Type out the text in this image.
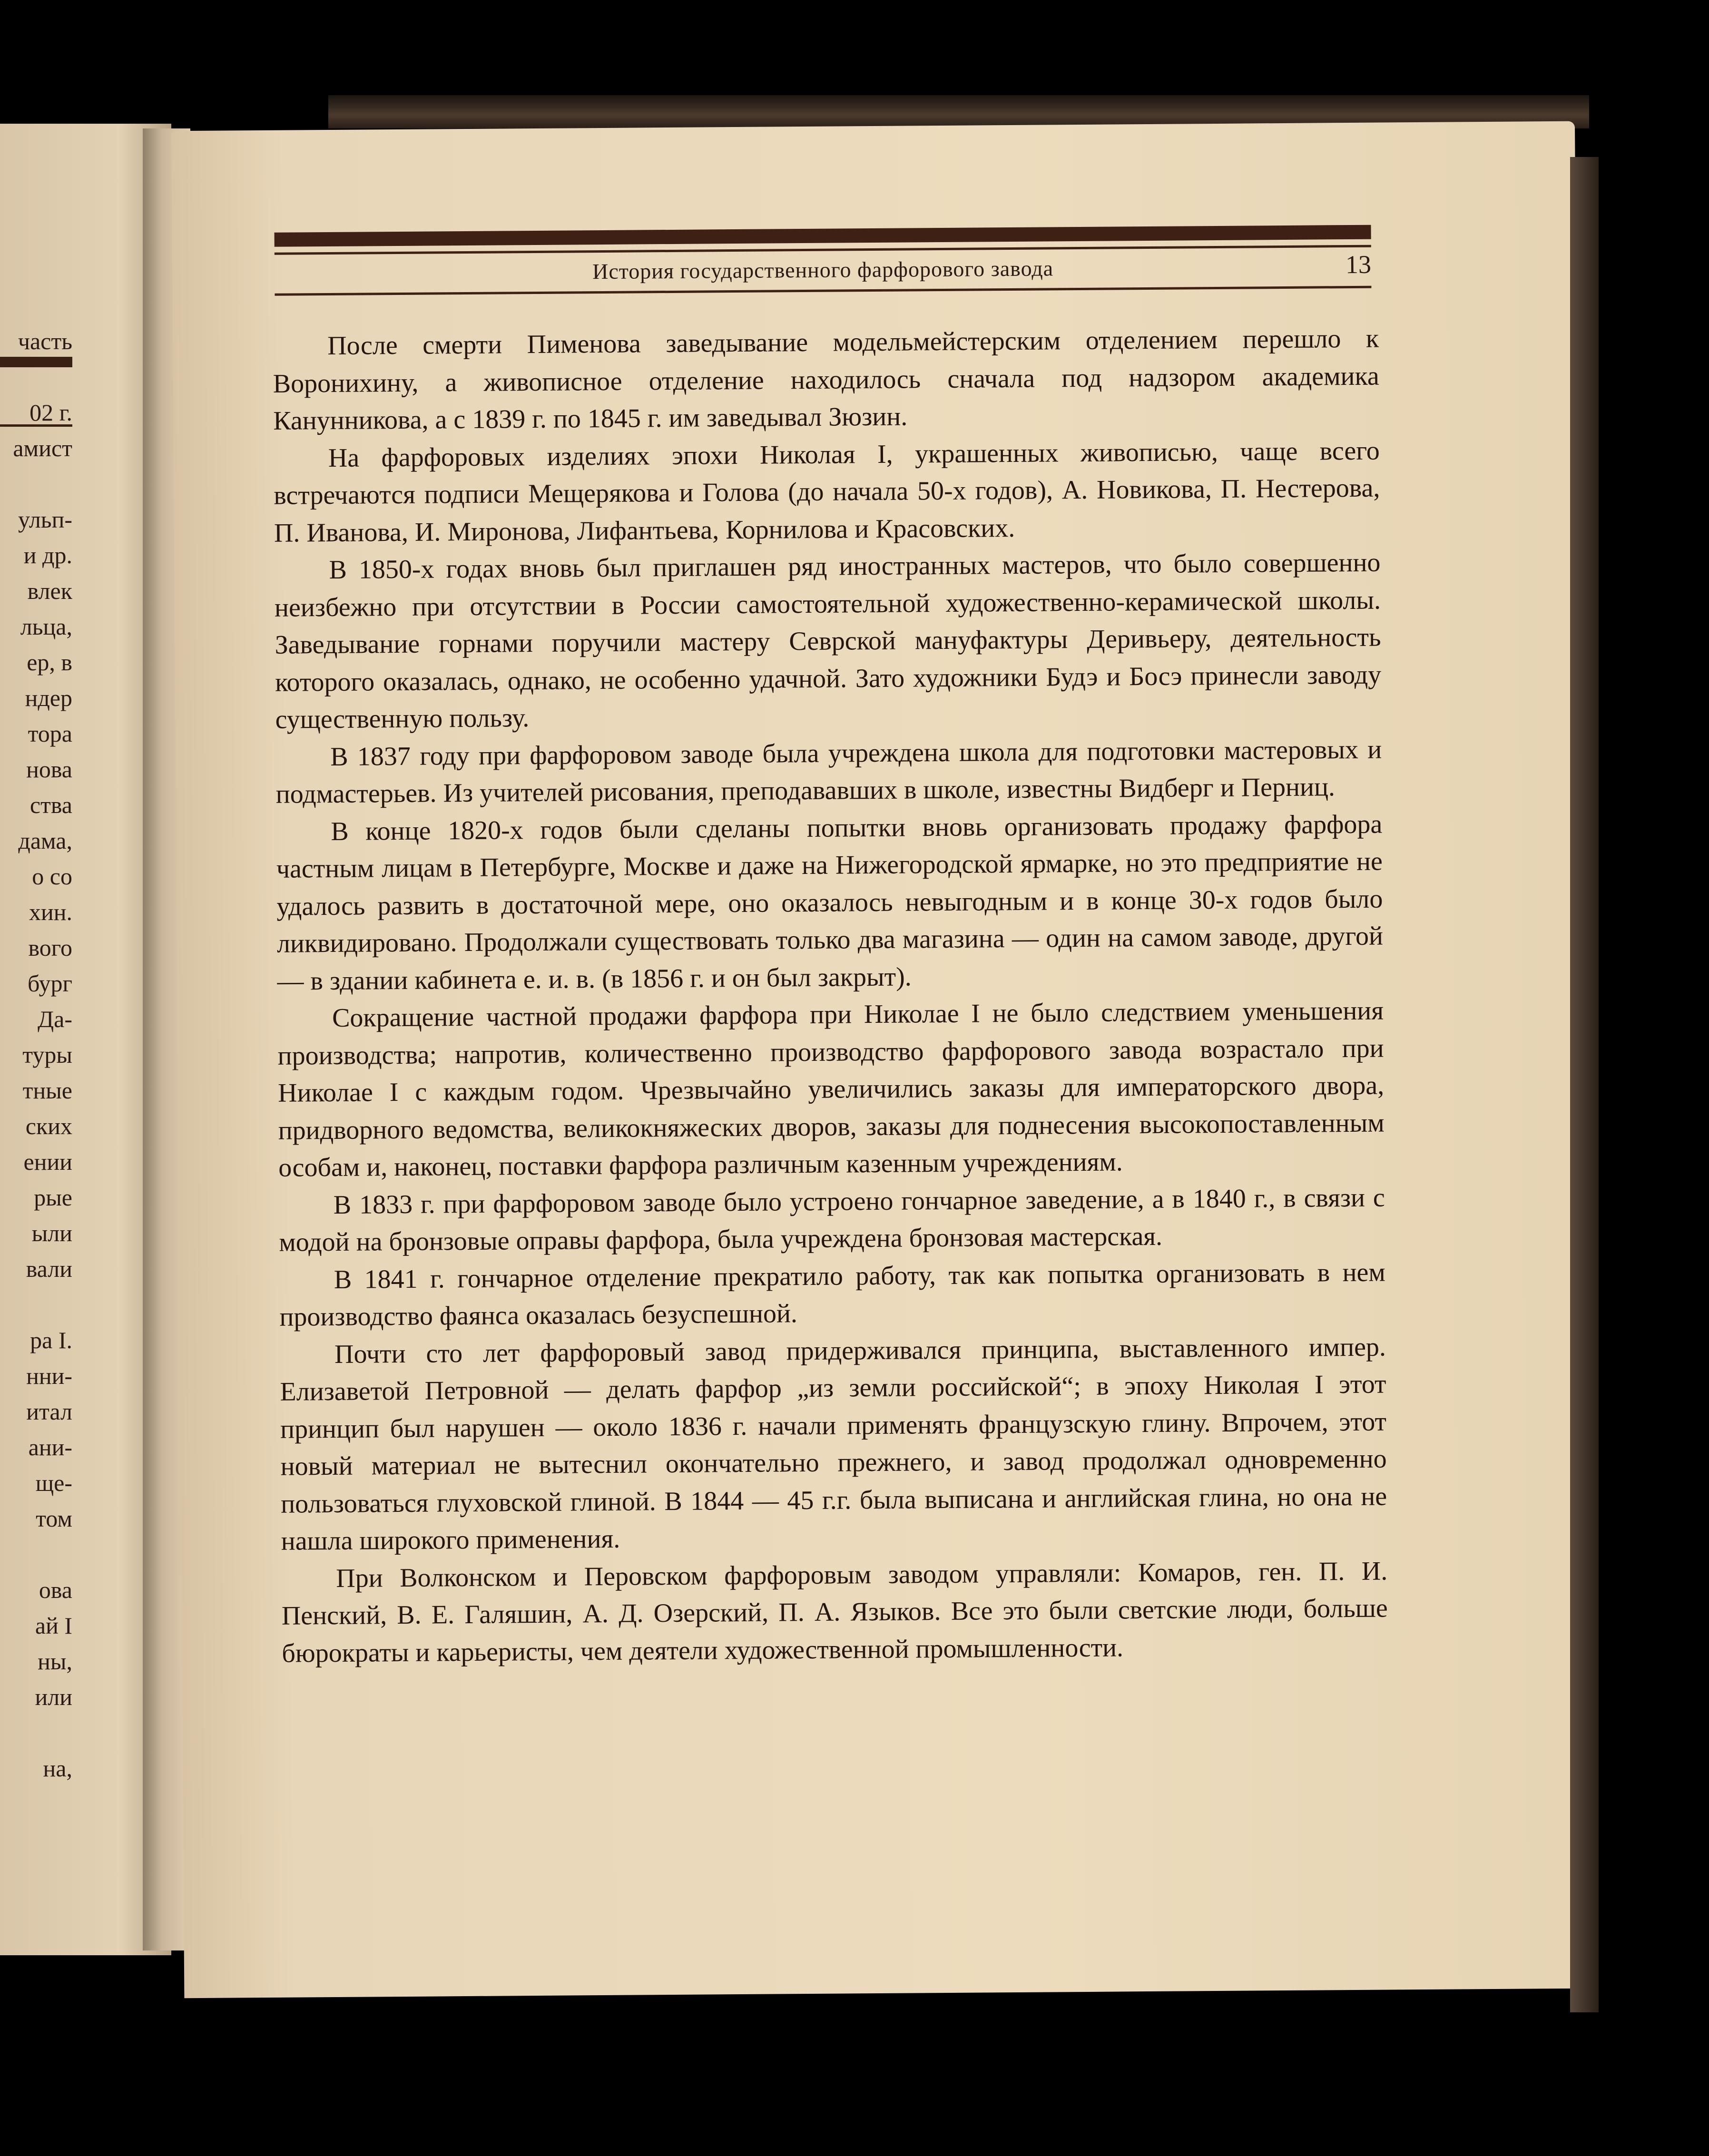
часть
02 г.
амист
ульп-
и др.
влек
льца,
ер, в
ндер
тора
нова
ства
дама,
о со
хин.
вого
бург
Да-
туры
тные
ских
ении
рые
ыли
вали
ра I.
нни-
итал
ани-
ще-
том
ова
ай I
ны,
или
на,
История государственного фарфорового завода	13

После смерти Пименова заведывание модельмейстерским отделением перешло к Воронихину, а живописное отделение находилось сначала под надзором академика Канунникова, а с 1839 г. по 1845 г. им заведывал Зюзин.

На фарфоровых изделиях эпохи Николая I, украшенных живописью, чаще всего встречаются подписи Мещерякова и Голова (до начала 50-х годов), А. Новикова, П. Нестерова, П. Иванова, И. Миронова, Лифантьева, Корнилова и Красовских.

В 1850-х годах вновь был приглашен ряд иностранных мастеров, что было совершенно неизбежно при отсутствии в России самостоятельной художественно-керамической школы. Заведывание горнами поручили мастеру Севрской мануфактуры Деривьеру, деятельность которого оказалась, однако, не особенно удачной. Зато художники Будэ и Босэ принесли заводу существенную пользу.

В 1837 году при фарфоровом заводе была учреждена школа для подготовки мастеровых и подмастерьев. Из учителей рисования, преподававших в школе, известны Видберг и Перниц.

В конце 1820-х годов были сделаны попытки вновь организовать продажу фарфора частным лицам в Петербурге, Москве и даже на Нижегородской ярмарке, но это предприятие не удалось развить в достаточной мере, оно оказалось невыгодным и в конце 30-х годов было ликвидировано. Продолжали существовать только два магазина — один на самом заводе, другой — в здании кабинета е. и. в. (в 1856 г. и он был закрыт).

Сокращение частной продажи фарфора при Николае I не было следствием уменьшения производства; напротив, количественно производство фарфорового завода возрастало при Николае I с каждым годом. Чрезвычайно увеличились заказы для императорского двора, придворного ведомства, великокняжеских дворов, заказы для поднесения высокопоставленным особам и, наконец, поставки фарфора различным казенным учреждениям.

В 1833 г. при фарфоровом заводе было устроено гончарное заведение, а в 1840 г., в связи с модой на бронзовые оправы фарфора, была учреждена бронзовая мастерская.

В 1841 г. гончарное отделение прекратило работу, так как попытка организовать в нем производство фаянса оказалась безуспешной.

Почти сто лет фарфоровый завод придерживался принципа, выставленного импер. Елизаветой Петровной — делать фарфор „из земли российской“; в эпоху Николая I этот принцип был нарушен — около 1836 г. начали применять французскую глину. Впрочем, этот новый материал не вытеснил окончательно прежнего, и завод продолжал одновременно пользоваться глуховской глиной. В 1844 — 45 г.г. была выписана и английская глина, но она не нашла широкого применения.

При Волконском и Перовском фарфоровым заводом управляли: Комаров, ген. П. И. Пенский, В. Е. Галяшин, А. Д. Озерский, П. А. Языков. Все это были светские люди, больше бюрократы и карьеристы, чем деятели художественной промышленности.
